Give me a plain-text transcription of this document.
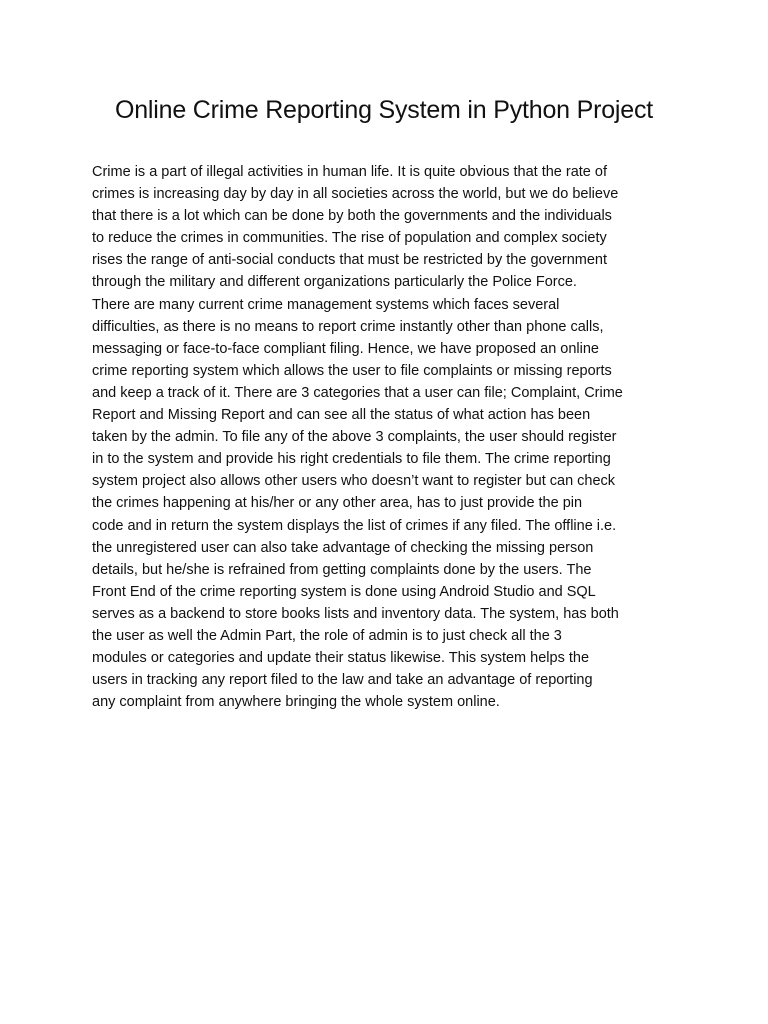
Online Crime Reporting System in Python Project
Crime is a part of illegal activities in human life. It is quite obvious that the rate of
crimes is increasing day by day in all societies across the world, but we do believe
that there is a lot which can be done by both the governments and the individuals
to reduce the crimes in communities. The rise of population and complex society
rises the range of anti-social conducts that must be restricted by the government
through the military and different organizations particularly the Police Force.
There are many current crime management systems which faces several
difficulties, as there is no means to report crime instantly other than phone calls,
messaging or face-to-face compliant filing. Hence, we have proposed an online
crime reporting system which allows the user to file complaints or missing reports
and keep a track of it. There are 3 categories that a user can file; Complaint, Crime
Report and Missing Report and can see all the status of what action has been
taken by the admin. To file any of the above 3 complaints, the user should register
in to the system and provide his right credentials to file them. The crime reporting
system project also allows other users who doesn’t want to register but can check
the crimes happening at his/her or any other area, has to just provide the pin
code and in return the system displays the list of crimes if any filed. The offline i.e.
the unregistered user can also take advantage of checking the missing person
details, but he/she is refrained from getting complaints done by the users. The
Front End of the crime reporting system is done using Android Studio and SQL
serves as a backend to store books lists and inventory data. The system, has both
the user as well the Admin Part, the role of admin is to just check all the 3
modules or categories and update their status likewise. This system helps the
users in tracking any report filed to the law and take an advantage of reporting
any complaint from anywhere bringing the whole system online.
